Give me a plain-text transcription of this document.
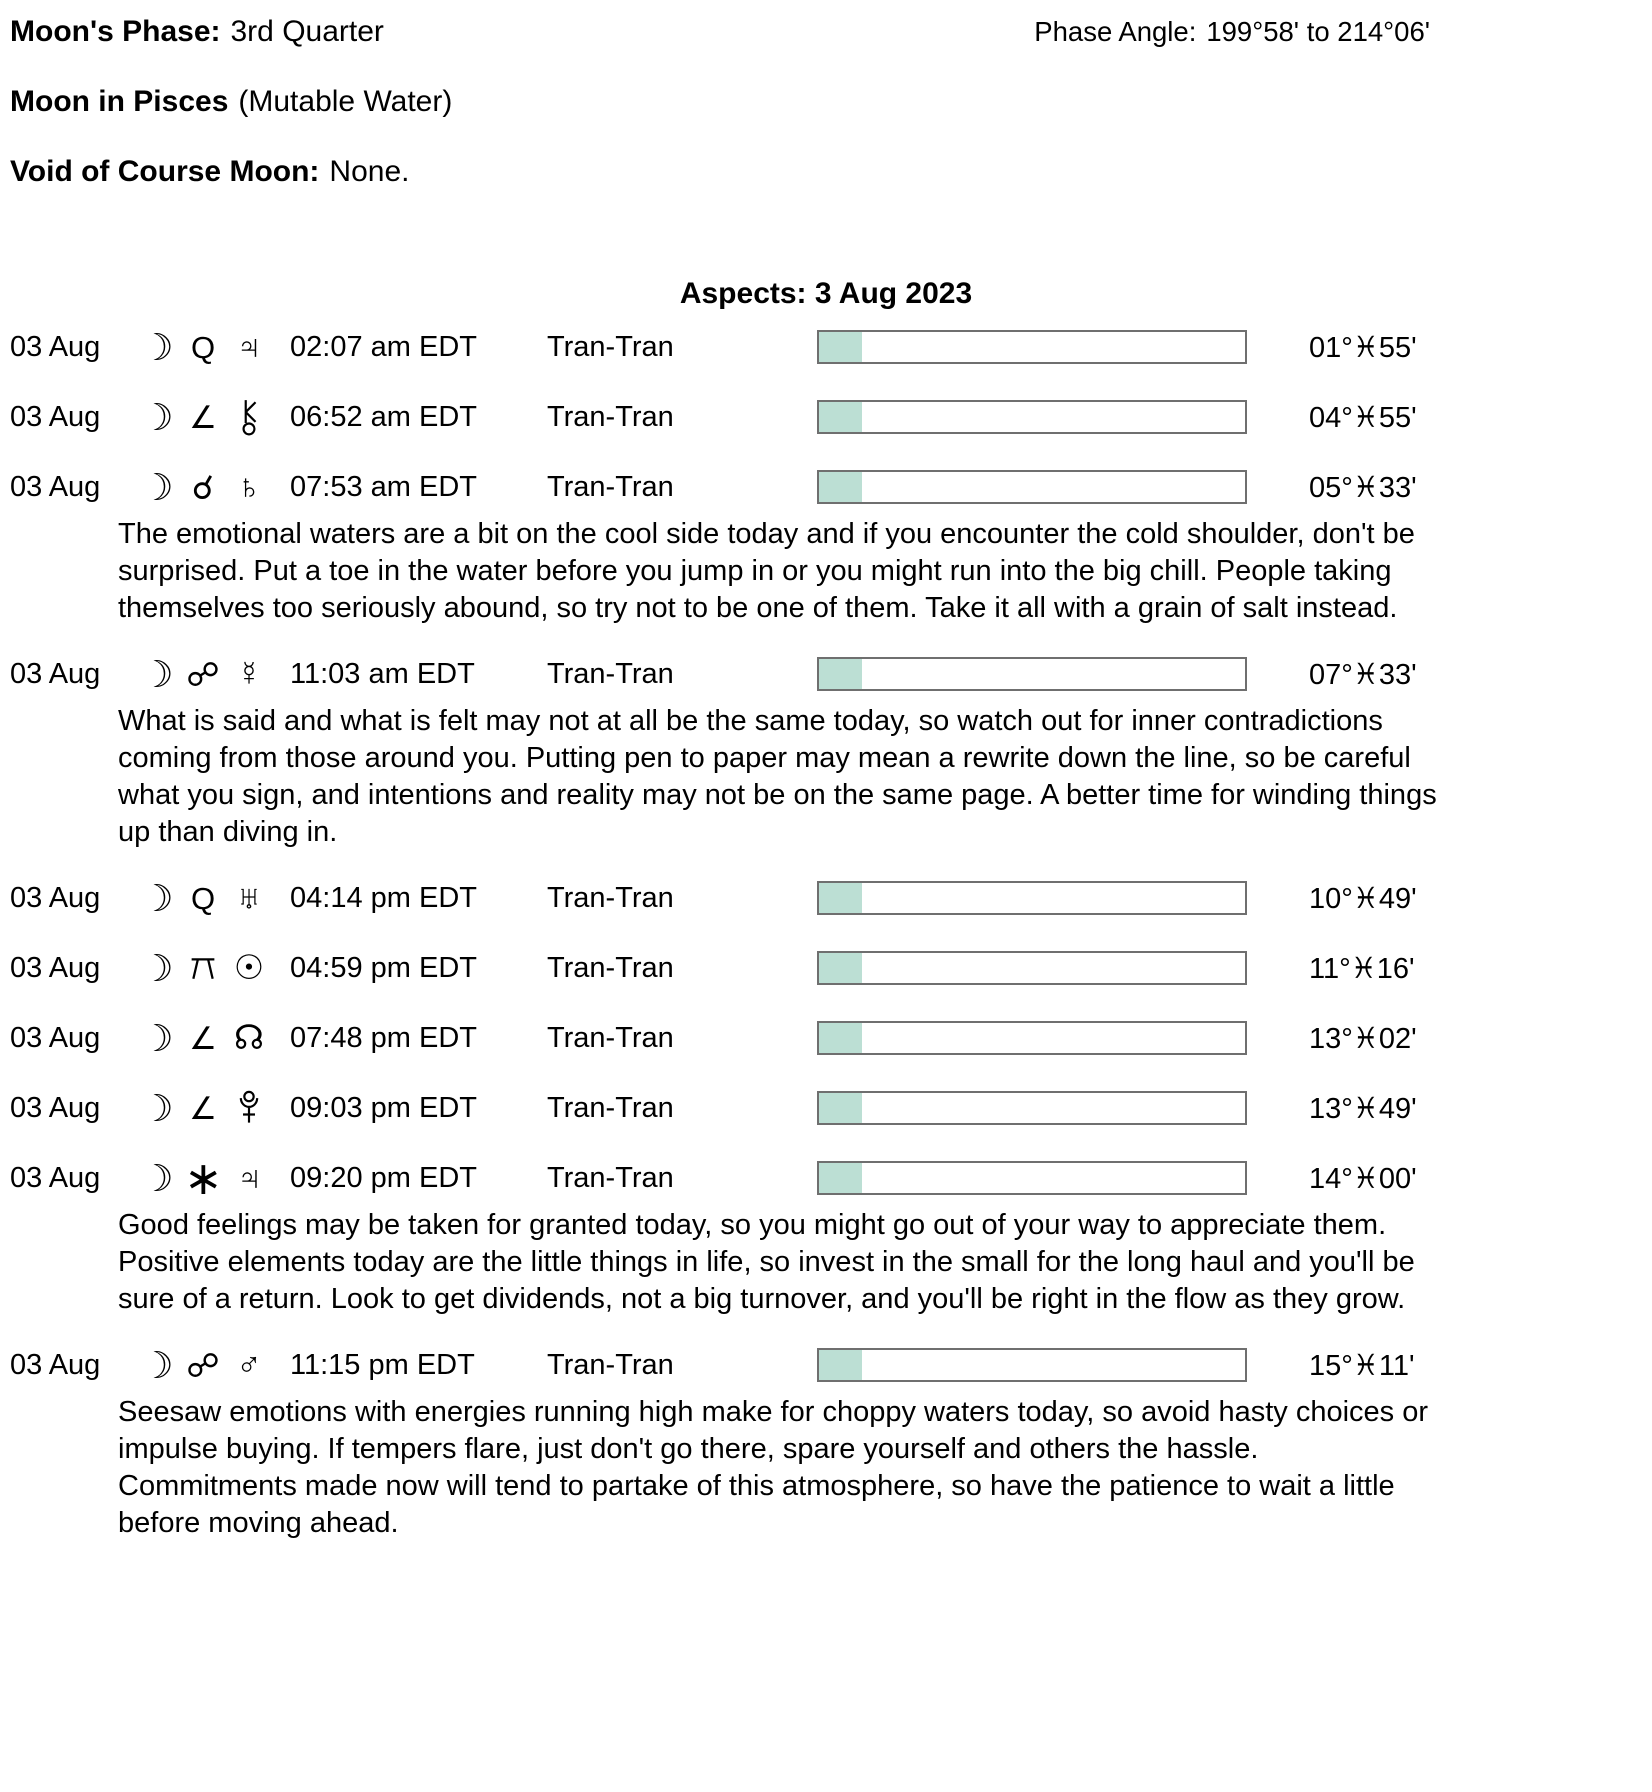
Moon's Phase: 3rd Quarter	Phase Angle: 199°58' to 214°06'
Moon in Pisces (Mutable Water)
Void of Course Moon: None.
Aspects: 3 Aug 2023
03 Aug	☽ Q ♃ 02:07 am EDT	Tran-Tran	01°♓55'
03 Aug	☽ ∠	06:52 am EDT	Tran-Tran	04°♓55'
03 Aug	☽ ☌ ♄ 07:53 am EDT	Tran-Tran	05°♓33'
The emotional waters are a bit on the cool side today and if you encounter the cold shoulder, don't be surprised. Put a toe in the water before you jump in or you might run into the big chill. People taking themselves too seriously abound, so try not to be one of them. Take it all with a grain of salt instead.
03 Aug	☽ ☍ ☿ 11:03 am EDT	Tran-Tran	07°♓33'
What is said and what is felt may not at all be the same today, so watch out for inner contradictions coming from those around you. Putting pen to paper may mean a rewrite down the line, so be careful what you sign, and intentions and reality may not be on the same page. A better time for winding things up than diving in.
03 Aug	☽ Q ♅ 04:14 pm EDT	Tran-Tran	10°♓49'
03 Aug	☽ ☉ 04:59 pm EDT	Tran-Tran	11°♓16'
03 Aug	☽ ∠ ☊ 07:48 pm EDT	Tran-Tran	13°♓02'
03 Aug	☽ ∠	09:03 pm EDT	Tran-Tran	13°♓49'
03 Aug	☽ ∗ ♃ 09:20 pm EDT	Tran-Tran	14°♓00'
Good feelings may be taken for granted today, so you might go out of your way to appreciate them. Positive elements today are the little things in life, so invest in the small for the long haul and you'll be sure of a return. Look to get dividends, not a big turnover, and you'll be right in the flow as they grow.
03 Aug	☽ ☍ ♂ 11:15 pm EDT	Tran-Tran	15°♓11'
Seesaw emotions with energies running high make for choppy waters today, so avoid hasty choices or impulse buying. If tempers flare, just don't go there, spare yourself and others the hassle. Commitments made now will tend to partake of this atmosphere, so have the patience to wait a little before moving ahead.
